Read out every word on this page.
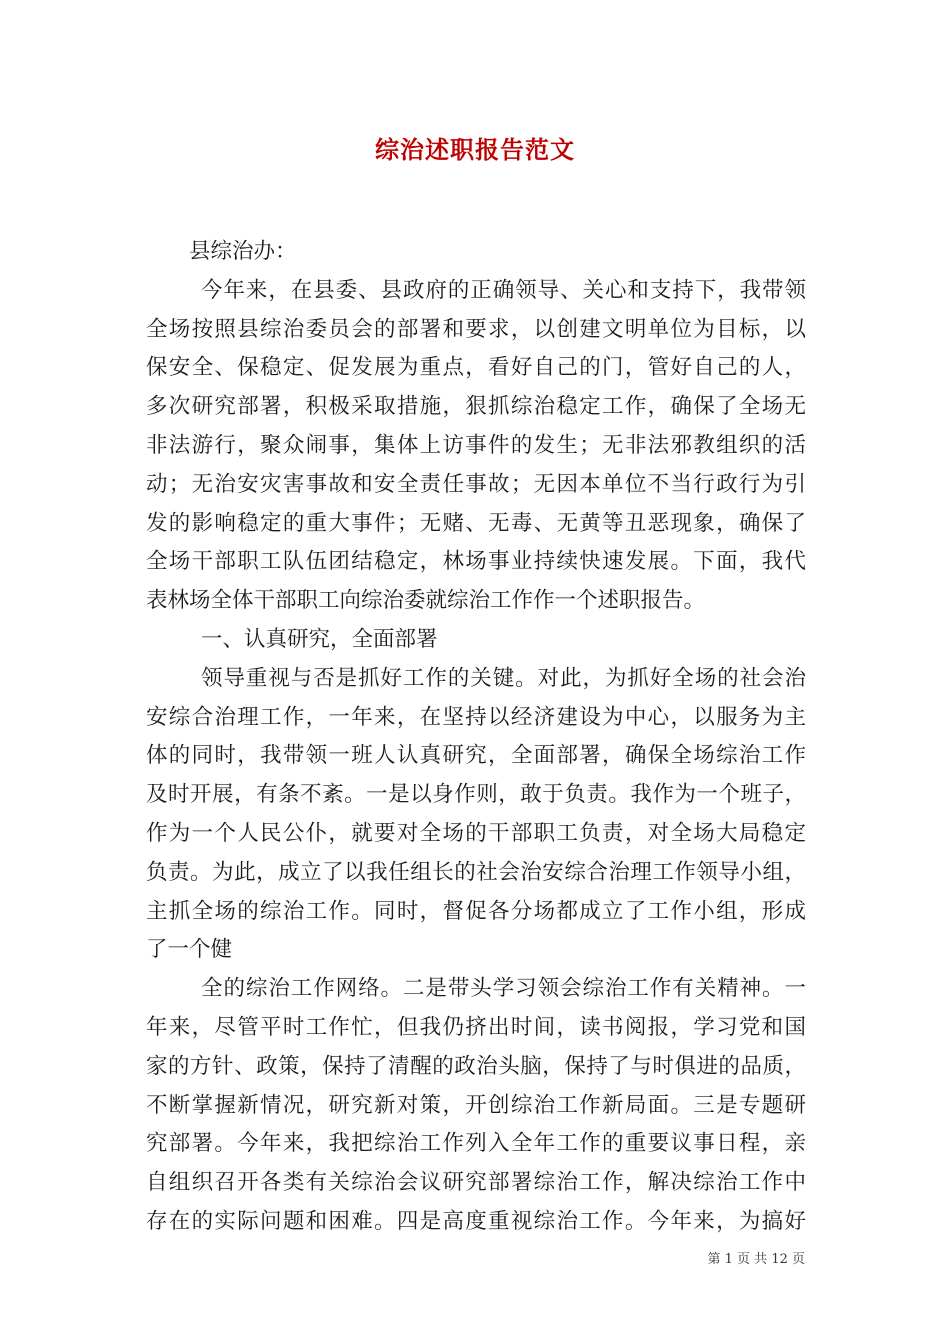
综治述职报告范文
县综治办：
今年来，在县委、县政府的正确领导、关心和支持下，我带领
全场按照县综治委员会的部署和要求，以创建文明单位为目标，以
保安全、保稳定、促发展为重点，看好自己的门，管好自己的人，
多次研究部署，积极采取措施，狠抓综治稳定工作，确保了全场无
非法游行，聚众闹事，集体上访事件的发生；无非法邪教组织的活
动；无治安灾害事故和安全责任事故；无因本单位不当行政行为引
发的影响稳定的重大事件；无赌、无毒、无黄等丑恶现象，确保了
全场干部职工队伍团结稳定，林场事业持续快速发展。下面，我代
表林场全体干部职工向综治委就综治工作作一个述职报告。
一、认真研究，全面部署
领导重视与否是抓好工作的关键。对此，为抓好全场的社会治
安综合治理工作，一年来，在坚持以经济建设为中心，以服务为主
体的同时，我带领一班人认真研究，全面部署，确保全场综治工作
及时开展，有条不紊。一是以身作则，敢于负责。我作为一个班子，
作为一个人民公仆，就要对全场的干部职工负责，对全场大局稳定
负责。为此，成立了以我任组长的社会治安综合治理工作领导小组，
主抓全场的综治工作。同时，督促各分场都成立了工作小组，形成
了一个健
全的综治工作网络。二是带头学习领会综治工作有关精神。一
年来，尽管平时工作忙，但我仍挤出时间，读书阅报，学习党和国
家的方针、政策，保持了清醒的政治头脑，保持了与时俱进的品质，
不断掌握新情况，研究新对策，开创综治工作新局面。三是专题研
究部署。今年来，我把综治工作列入全年工作的重要议事日程，亲
自组织召开各类有关综治会议研究部署综治工作，解决综治工作中
存在的实际问题和困难。四是高度重视综治工作。今年来，为搞好
第 1 页 共 12 页
